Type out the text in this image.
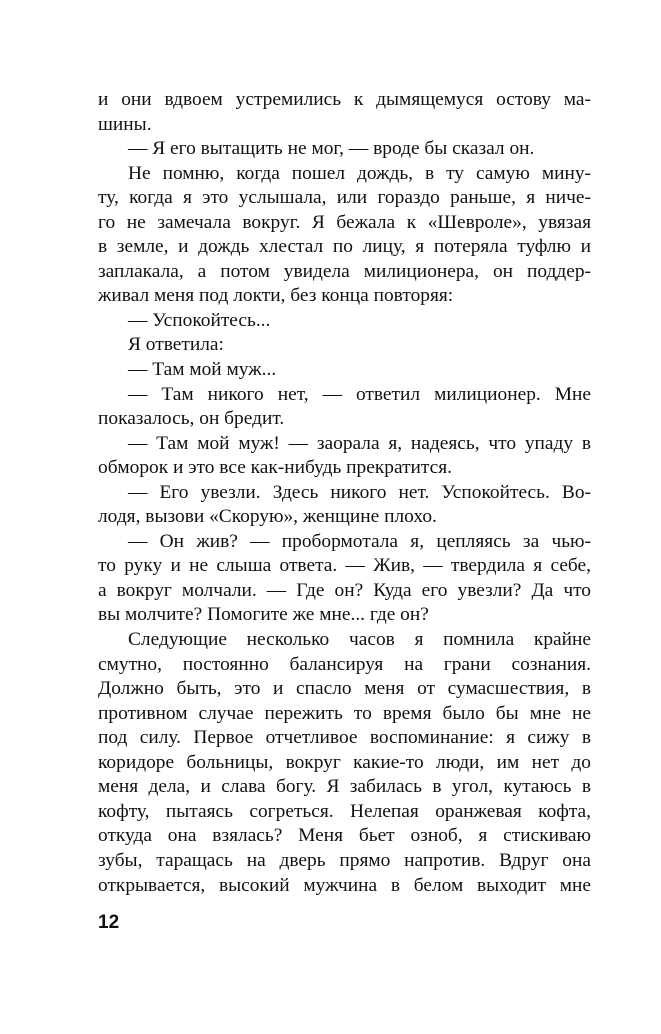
и они вдвоем устремились к дымящемуся остову ма-
шины.
— Я его вытащить не мог, — вроде бы сказал он.
Не помню, когда пошел дождь, в ту самую мину-
ту, когда я это услышала, или гораздо раньше, я ниче-
го не замечала вокруг. Я бежала к «Шевроле», увязая
в земле, и дождь хлестал по лицу, я потеряла туфлю и
заплакала, а потом увидела милиционера, он поддер-
живал меня под локти, без конца повторяя:
— Успокойтесь...
Я ответила:
— Там мой муж...
— Там никого нет, — ответил милиционер. Мне
показалось, он бредит.
— Там мой муж! — заорала я, надеясь, что упаду в
обморок и это все как-нибудь прекратится.
— Его увезли. Здесь никого нет. Успокойтесь. Во-
лодя, вызови «Скорую», женщине плохо.
— Он жив? — пробормотала я, цепляясь за чью-
то руку и не слыша ответа. — Жив, — твердила я себе,
а вокруг молчали. — Где он? Куда его увезли? Да что
вы молчите? Помогите же мне... где он?
Следующие несколько часов я помнила крайне
смутно, постоянно балансируя на грани сознания.
Должно быть, это и спасло меня от сумасшествия, в
противном случае пережить то время было бы мне не
под силу. Первое отчетливое воспоминание: я сижу в
коридоре больницы, вокруг какие-то люди, им нет до
меня дела, и слава богу. Я забилась в угол, кутаюсь в
кофту, пытаясь согреться. Нелепая оранжевая кофта,
откуда она взялась? Меня бьет озноб, я стискиваю
зубы, таращась на дверь прямо напротив. Вдруг она
открывается, высокий мужчина в белом выходит мне
12
